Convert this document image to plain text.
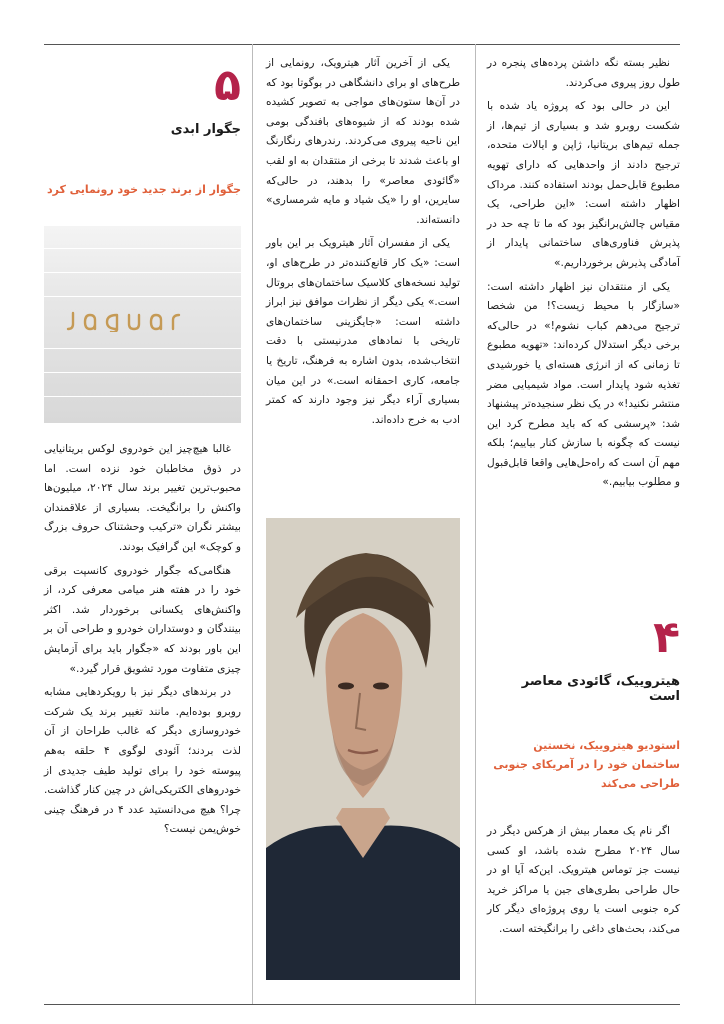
نظیر بسته نگه داشتن پرده‌های پنجره در طول روز پیروی می‌کردند.

این در حالی بود که پروژه یاد شده با شکست روبرو شد و بسیاری از تیم‌ها، از جمله تیم‌های بریتانیا، ژاپن و ایالات متحده، ترجیح دادند از واحدهایی که دارای تهویه مطبوع قابل‌حمل بودند استفاده کنند. مرداک اظهار داشته است: «این طراحی، یک مقیاس چالش‌برانگیز بود که ما تا چه حد در پذیرش فناوری‌های ساختمانی پایدار از آمادگی پذیرش برخورداریم.»

یکی از منتقدان نیز اظهار داشته است: «سازگار با محیط زیست؟! من شخصا ترجیح می‌دهم کباب نشوم!» در حالی‌که برخی دیگر استدلال کرده‌اند: «تهویه مطبوع تا زمانی که از انرژی هسته‌ای یا خورشیدی تغذیه شود پایدار است. مواد شیمیایی مضر منتشر نکنید!» در یک نظر سنجیده‌تر پیشنهاد شد: «پرسشی که که باید مطرح کرد این نیست که چگونه با سازش کنار بیاییم؛ بلکه مهم آن است که راه‌حل‌هایی واقعا قابل‌قبول و مطلوب بیابیم.»

۴
هیتروییک، گائودی معاصر است
استودیو هیتروییک، نخستین ساختمان خود را در آمریکای جنوبی طراحی می‌کند

اگر نام یک معمار بیش از هرکس دیگر در سال ۲۰۲۴ مطرح شده باشد، او کسی نیست جز توماس هیترویک. این‌که آیا او در حال طراحی بطری‌های جین یا مراکز خرید کره جنوبی است یا روی پروژه‌ای دیگر کار می‌کند، بحث‌های داغی را برانگیخته است.

یکی از آخرین آثار هیترویک، رونمایی از طرح‌های او برای دانشگاهی در بوگوتا بود که در آن‌ها ستون‌های مواجی به تصویر کشیده شده بودند که از شیوه‌های بافندگی بومی این ناحیه پیروی می‌کردند. رندرهای رنگارنگ او باعث شدند تا برخی از منتقدان به او لقب «گائودی معاصر» را بدهند، در حالی‌که سایرین، او را «یک شیاد و مایه شرمساری» دانسته‌اند.

یکی از مفسران آثار هیترویک بر این باور است: «یک کار قانع‌کننده‌تر در طرح‌های او، تولید نسخه‌های کلاسیک ساختمان‌های بروتال است.» یکی دیگر از نظرات موافق نیز ابراز داشته است: «جایگزینی ساختمان‌های تاریخی با نمادهای مدرنیستی با دقت انتخاب‌شده، بدون اشاره به فرهنگ، تاریخ یا جامعه، کاری احمقانه است.» در این میان بسیاری آراء دیگر نیز وجود دارند که کمتر ادب به خرج داده‌اند.

۵
جگوار ابدی
جگوار از برند جدید خود رونمایی کرد

غالبا هیچ‌چیز این خودروی لوکس بریتانیایی در ذوق مخاطبان خود نزده است. اما محبوب‌ترین تغییر برند سال ۲۰۲۴، میلیون‌ها واکنش را برانگیخت. بسیاری از علاقمندان بیشتر نگران «ترکیب وحشتناک حروف بزرگ و کوچک» این گرافیک بودند.

هنگامی‌که جگوار خودروی کانسپت برقی خود را در هفته هنر میامی معرفی کرد، از واکنش‌های یکسانی برخوردار شد. اکثر بینندگان و دوستداران خودرو و طراحی آن بر این باور بودند که «جگوار باید برای آزمایش چیزی متفاوت مورد تشویق قرار گیرد.»

در برندهای دیگر نیز با رویکردهایی مشابه روبرو بوده‌ایم. مانند تغییر برند یک شرکت خودروسازی دیگر که غالب طراحان از آن لذت بردند؛ آئودی لوگوی ۴ حلقه به‌هم پیوسته خود را برای تولید طیف جدیدی از خودروهای الکتریکی‌اش در چین کنار گذاشت. چرا؟ هیچ می‌دانستید عدد ۴ در فرهنگ چینی خوش‌یمن نیست؟
